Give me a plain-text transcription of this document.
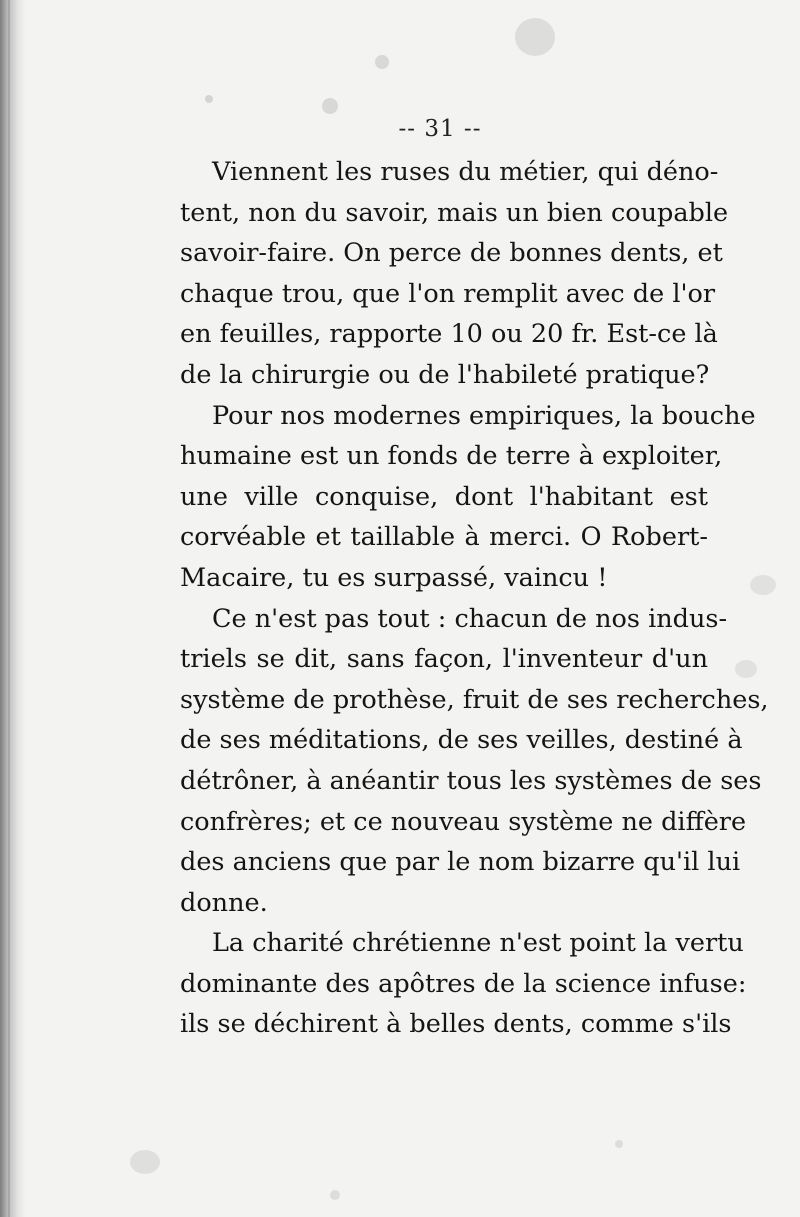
-- 31 --
Viennent les ruses du métier, qui déno-
tent, non du savoir, mais un bien coupable
savoir-faire. On perce de bonnes dents, et
chaque trou, que l'on remplit avec de l'or
en feuilles, rapporte 10 ou 20 fr. Est-ce là
de la chirurgie ou de l'habileté pratique?
Pour nos modernes empiriques, la bouche
humaine est un fonds de terre à exploiter,
une ville conquise, dont l'habitant est
corvéable et taillable à merci. O Robert-
Macaire, tu es surpassé, vaincu !
Ce n'est pas tout : chacun de nos indus-
triels se dit, sans façon, l'inventeur d'un
système de prothèse, fruit de ses recherches,
de ses méditations, de ses veilles, destiné à
détrôner, à anéantir tous les systèmes de ses
confrères; et ce nouveau système ne diffère
des anciens que par le nom bizarre qu'il lui
donne.
La charité chrétienne n'est point la vertu
dominante des apôtres de la science infuse:
ils se déchirent à belles dents, comme s'ils
